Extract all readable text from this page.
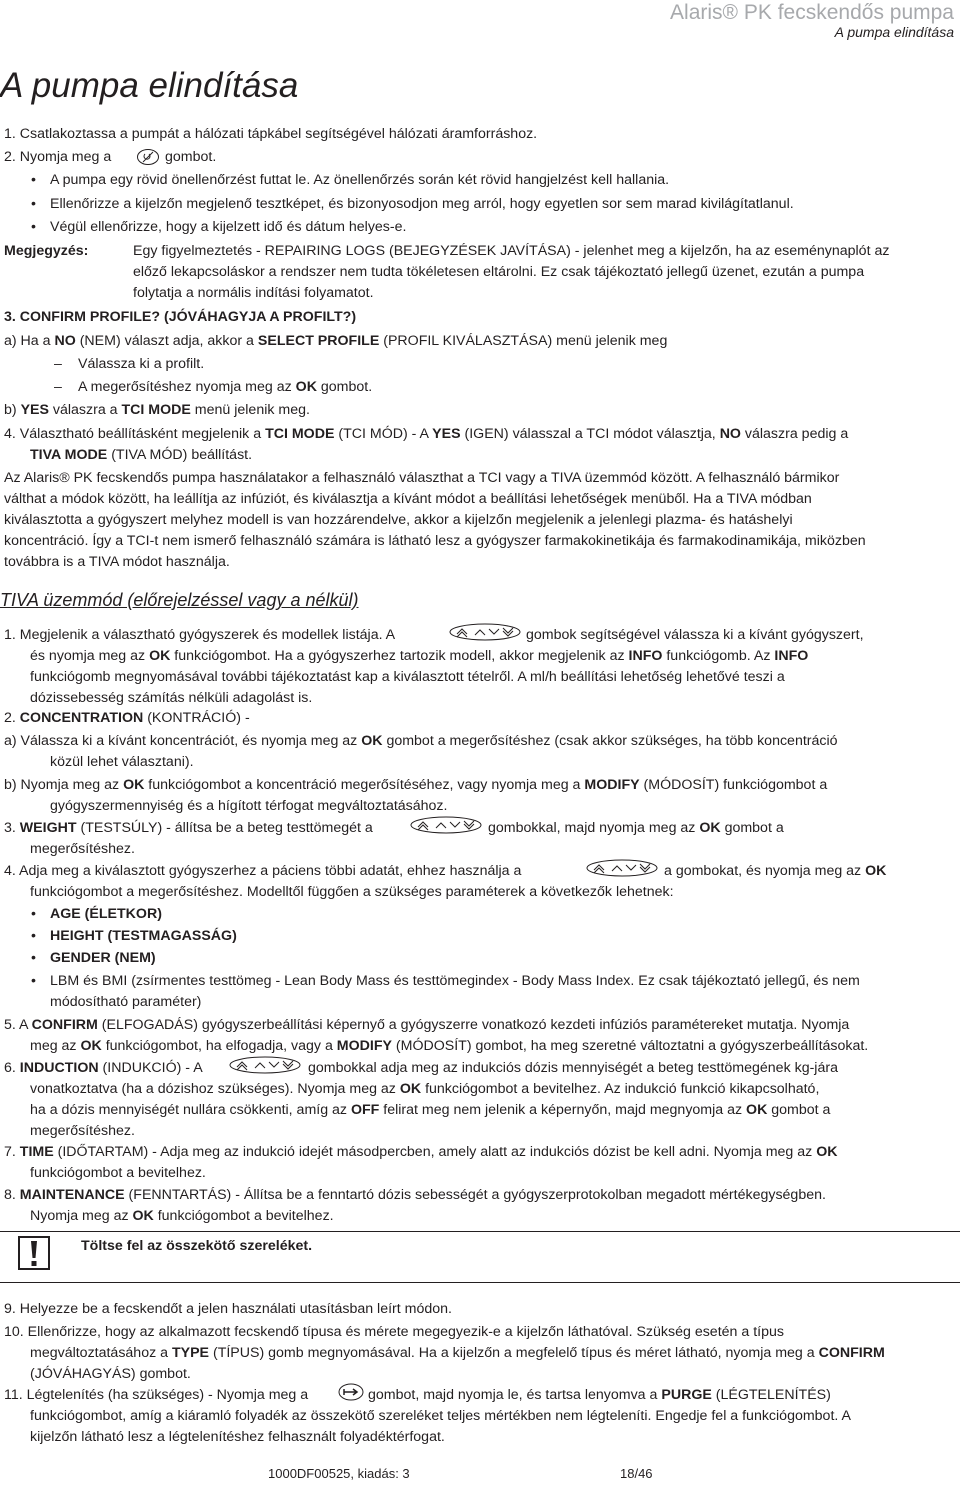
Alaris® PK fecskendős pumpa
A pumpa elindítása
A pumpa elindítása
1. Csatlakoztassa a pumpát a hálózati tápkábel segítségével hálózati áramforráshoz.
2. Nyomja meg a	gombot.
• A pumpa egy rövid önellenőrzést futtat le. Az önellenőrzés során két rövid hangjelzést kell hallania.
• Ellenőrizze a kijelzőn megjelenő tesztképet, és bizonyosodjon meg arról, hogy egyetlen sor sem marad kivilágítatlanul.
• Végül ellenőrizze, hogy a kijelzett idő és dátum helyes-e.
Megjegyzés:	Egy figyelmeztetés - REPAIRING LOGS (BEJEGYZÉSEK JAVÍTÁSA) - jelenhet meg a kijelzőn, ha az eseménynaplót az
előző lekapcsoláskor a rendszer nem tudta tökéletesen eltárolni. Ez csak tájékoztató jellegű üzenet, ezután a pumpa
folytatja a normális indítási folyamatot.
3. CONFIRM PROFILE? (JÓVÁHAGYJA A PROFILT?)
a) Ha a NO (NEM) választ adja, akkor a SELECT PROFILE (PROFIL KIVÁLASZTÁSA) menü jelenik meg
– Válassza ki a profilt.
– A megerősítéshez nyomja meg az OK gombot.
b) YES válaszra a TCI MODE menü jelenik meg.
4. Választható beállításként megjelenik a TCI MODE (TCI MÓD) - A YES (IGEN) válasszal a TCI módot választja, NO válaszra pedig a
TIVA MODE (TIVA MÓD) beállítást.
Az Alaris® PK fecskendős pumpa használatakor a felhasználó választhat a TCI vagy a TIVA üzemmód között. A felhasználó bármikor
válthat a módok között, ha leállítja az infúziót, és kiválasztja a kívánt módot a beállítási lehetőségek menüből. Ha a TIVA módban
kiválasztotta a gyógyszert melyhez modell is van hozzárendelve, akkor a kijelzőn megjelenik a jelenlegi plazma- és hatáshelyi
koncentráció. Így a TCI-t nem ismerő felhasználó számára is látható lesz a gyógyszer farmakokinetikája és farmakodinamikája, miközben
továbbra is a TIVA módot használja.
TIVA üzemmód (előrejelzéssel vagy a nélkül)
1. Megjelenik a választható gyógyszerek és modellek listája. A	gombok segítségével válassza ki a kívánt gyógyszert,
és nyomja meg az OK funkciógombot. Ha a gyógyszerhez tartozik modell, akkor megjelenik az INFO funkciógomb. Az INFO
funkciógomb megnyomásával további tájékoztatást kap a kiválasztott tételről. A ml/h beállítási lehetőség lehetővé teszi a
dózissebesség számítás nélküli adagolást is.
2. CONCENTRATION (KONTRÁCIÓ) -
a) Válassza ki a kívánt koncentrációt, és nyomja meg az OK gombot a megerősítéshez (csak akkor szükséges, ha több koncentráció
közül lehet választani).
b) Nyomja meg az OK funkciógombot a koncentráció megerősítéséhez, vagy nyomja meg a MODIFY (MÓDOSÍT) funkciógombot a
gyógyszermennyiség és a hígított térfogat megváltoztatásához.
3. WEIGHT (TESTSÚLY) - állítsa be a beteg testtömegét a	gombokkal, majd nyomja meg az OK gombot a
megerősítéshez.
4. Adja meg a kiválasztott gyógyszerhez a páciens többi adatát, ehhez használja a	a gombokat, és nyomja meg az OK
funkciógombot a megerősítéshez. Modelltől függően a szükséges paraméterek a következők lehetnek:
• AGE (ÉLETKOR)
• HEIGHT (TESTMAGASSÁG)
• GENDER (NEM)
• LBM és BMI (zsírmentes testtömeg - Lean Body Mass és testtömegindex - Body Mass Index. Ez csak tájékoztató jellegű, és nem
módosítható paraméter)
5. A CONFIRM (ELFOGADÁS) gyógyszerbeállítási képernyő a gyógyszerre vonatkozó kezdeti infúziós paramétereket mutatja. Nyomja
meg az OK funkciógombot, ha elfogadja, vagy a MODIFY (MÓDOSÍT) gombot, ha meg szeretné változtatni a gyógyszerbeállításokat.
6. INDUCTION (INDUKCIÓ) - A	gombokkal adja meg az indukciós dózis mennyiségét a beteg testtömegének kg-jára
vonatkoztatva (ha a dózishoz szükséges). Nyomja meg az OK funkciógombot a bevitelhez. Az indukció funkció kikapcsolható,
ha a dózis mennyiségét nullára csökkenti, amíg az OFF felirat meg nem jelenik a képernyőn, majd megnyomja az OK gombot a
megerősítéshez.
7. TIME (IDŐTARTAM) - Adja meg az indukció idejét másodpercben, amely alatt az indukciós dózist be kell adni. Nyomja meg az OK
funkciógombot a bevitelhez.
8. MAINTENANCE (FENNTARTÁS) - Állítsa be a fenntartó dózis sebességét a gyógyszerprotokolban megadott mértékegységben.
Nyomja meg az OK funkciógombot a bevitelhez.
Töltse fel az összekötő szereléket.
9. Helyezze be a fecskendőt a jelen használati utasításban leírt módon.
10. Ellenőrizze, hogy az alkalmazott fecskendő típusa és mérete megegyezik-e a kijelzőn láthatóval. Szükség esetén a típus
megváltoztatásához a TYPE (TÍPUS) gomb megnyomásával. Ha a kijelzőn a megfelelő típus és méret látható, nyomja meg a CONFIRM
(JÓVÁHAGYÁS) gombot.
11. Légtelenítés (ha szükséges) - Nyomja meg a	gombot, majd nyomja le, és tartsa lenyomva a PURGE (LÉGTELENÍTÉS)
funkciógombot, amíg a kiáramló folyadék az összekötő szereléket teljes mértékben nem légteleníti. Engedje fel a funkciógombot. A
kijelzőn látható lesz a légtelenítéshez felhasznált folyadéktérfogat.
1000DF00525, kiadás: 3	18/46
